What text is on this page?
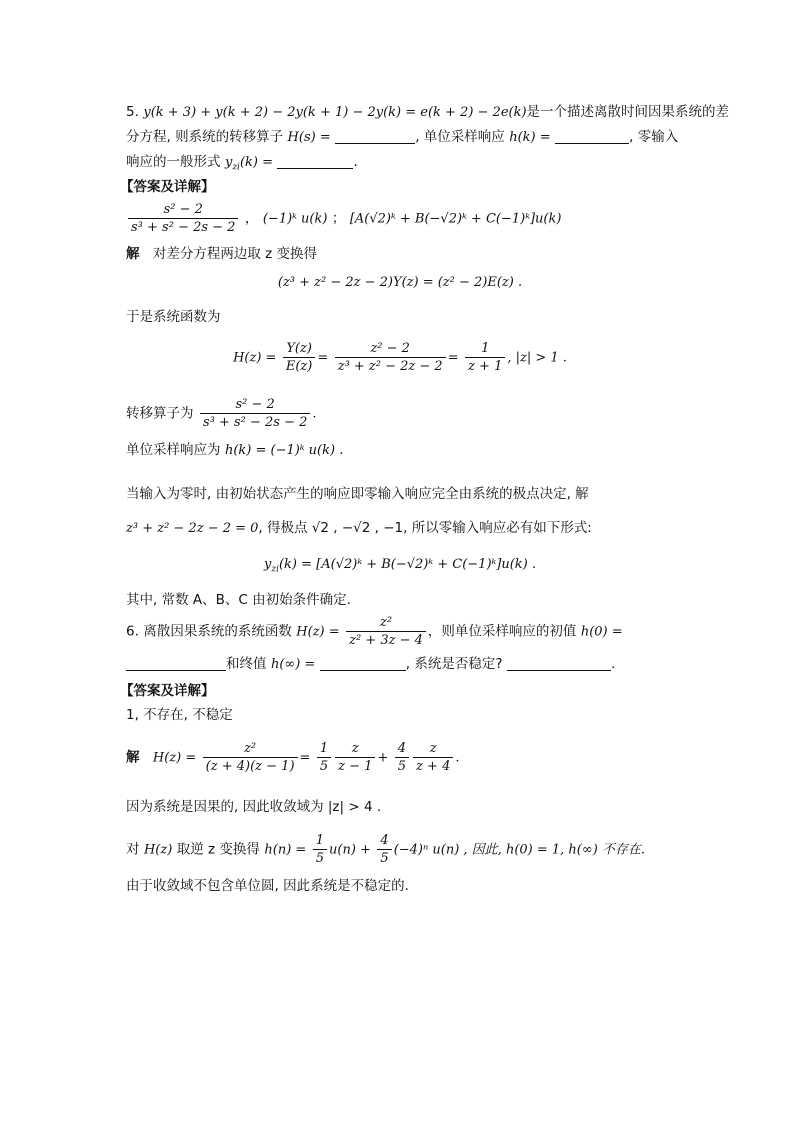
5. y(k + 3) + y(k + 2) − 2y(k + 1) − 2y(k) = e(k + 2) − 2e(k)是一个描述离散时间因果系统的差
分方程, 则系统的转移算子 H(s) =	, 单位采样响应 h(k) =	, 零输入
响应的一般形式 $y_{zi}(k)$ =	.
【答案及详解】
$\frac{\text{s² − 2}}{\text{s³ + s² − 2s − 2}}$ ， (−1)ᵏ u(k) ； [A(√2)ᵏ + B(−√2)ᵏ + C(−1)ᵏ]u(k)
解 对差分方程两边取 z 变换得
(z³ + z² − 2z − 2)Y(z) = (z² − 2)E(z) .
于是系统函数为
$H(z) = \frac{Y(z)}{E(z)} = \frac{\text{z² − 2}}{\text{z³ + z² − 2z − 2}} = \frac{1}{z + 1}$ , |z| > 1 .
转移算子为 $\frac{\text{s² − 2}}{\text{s³ + s² − 2s − 2}}$ .
单位采样响应为 h(k) = (−1)ᵏ u(k) .
当输入为零时, 由初始状态产生的响应即零输入响应完全由系统的极点决定, 解
z³ + z² − 2z − 2 = 0, 得极点 √2 , −√2 , −1, 所以零输入响应必有如下形式:
$y_{zi}(k)$ = [A(√2)ᵏ + B(−√2)ᵏ + C(−1)ᵏ]u(k) .
其中, 常数 A、B、C 由初始条件确定.
6. 离散因果系统的系统函数 $H(z) = \frac{\text{z²}}{\text{z² + 3z − 4}}$ ，则单位采样响应的初值 h(0) =
和终值 h(∞) =	, 系统是否稳定?	.
【答案及详解】
1, 不存在, 不稳定
解 $H(z) = \frac{\text{z²}}{(z + 4)(z - 1)} = \frac{1}{5} \frac{z}{z - 1} + \frac{4}{5} \frac{z}{z + 4}$ .
因为系统是因果的, 因此收敛域为 |z| > 4 .
对 H(z) 取逆 z 变换得 $h(n) = \frac{1}{5} u(n) + \frac{4}{5} (-4)^n$ u(n) , 因此, h(0) = 1, h(∞) 不存在.
由于收敛域不包含单位圆, 因此系统是不稳定的.
